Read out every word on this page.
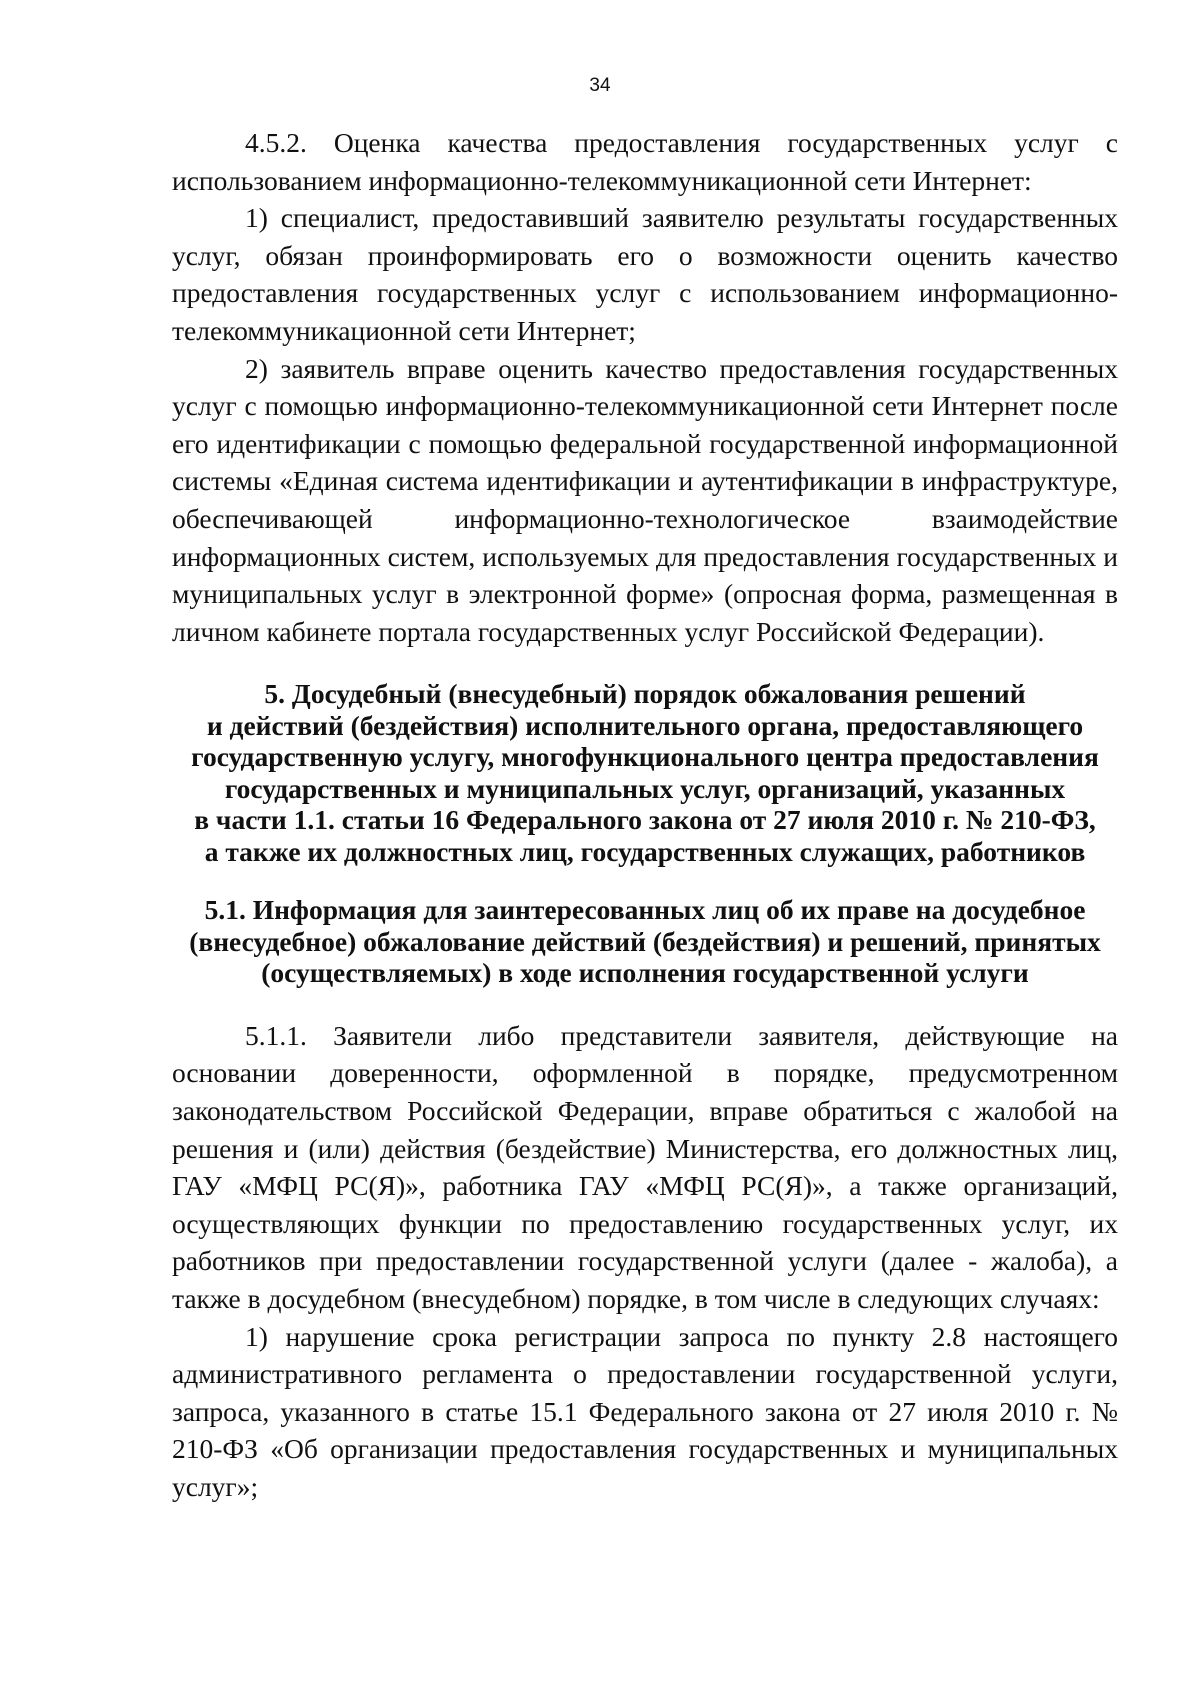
34

4.5.2. Оценка качества предоставления государственных услуг с использованием информационно-телекоммуникационной сети Интернет:

1) специалист, предоставивший заявителю результаты государственных услуг, обязан проинформировать его о возможности оценить качество предоставления государственных услуг с использованием информационно-телекоммуникационной сети Интернет;

2) заявитель вправе оценить качество предоставления государственных услуг с помощью информационно-телекоммуникационной сети Интернет после его идентификации с помощью федеральной государственной информационной системы «Единая система идентификации и аутентификации в инфраструктуре, обеспечивающей информационно-технологическое взаимодействие информационных систем, используемых для предоставления государственных и муниципальных услуг в электронной форме» (опросная форма, размещенная в личном кабинете портала государственных услуг Российской Федерации).

5. Досудебный (внесудебный) порядок обжалования решений
и действий (бездействия) исполнительного органа, предоставляющего
государственную услугу, многофункционального центра предоставления
государственных и муниципальных услуг, организаций, указанных
в части 1.1. статьи 16 Федерального закона от 27 июля 2010 г. № 210-ФЗ,
а также их должностных лиц, государственных служащих, работников
5.1. Информация для заинтересованных лиц об их праве на досудебное
(внесудебное) обжалование действий (бездействия) и решений, принятых
(осуществляемых) в ходе исполнения государственной услуги

5.1.1. Заявители либо представители заявителя, действующие на основании доверенности, оформленной в порядке, предусмотренном законодательством Российской Федерации, вправе обратиться с жалобой на решения и (или) действия (бездействие) Министерства, его должностных лиц, ГАУ «МФЦ РС(Я)», работника ГАУ «МФЦ РС(Я)», а также организаций, осуществляющих функции по предоставлению государственных услуг, их работников при предоставлении государственной услуги (далее - жалоба), а также в досудебном (внесудебном) порядке, в том числе в следующих случаях:

1) нарушение срока регистрации запроса по пункту 2.8 настоящего административного регламента о предоставлении государственной услуги, запроса, указанного в статье 15.1 Федерального закона от 27 июля 2010 г. № 210-ФЗ «Об организации предоставления государственных и муниципальных услуг»;
